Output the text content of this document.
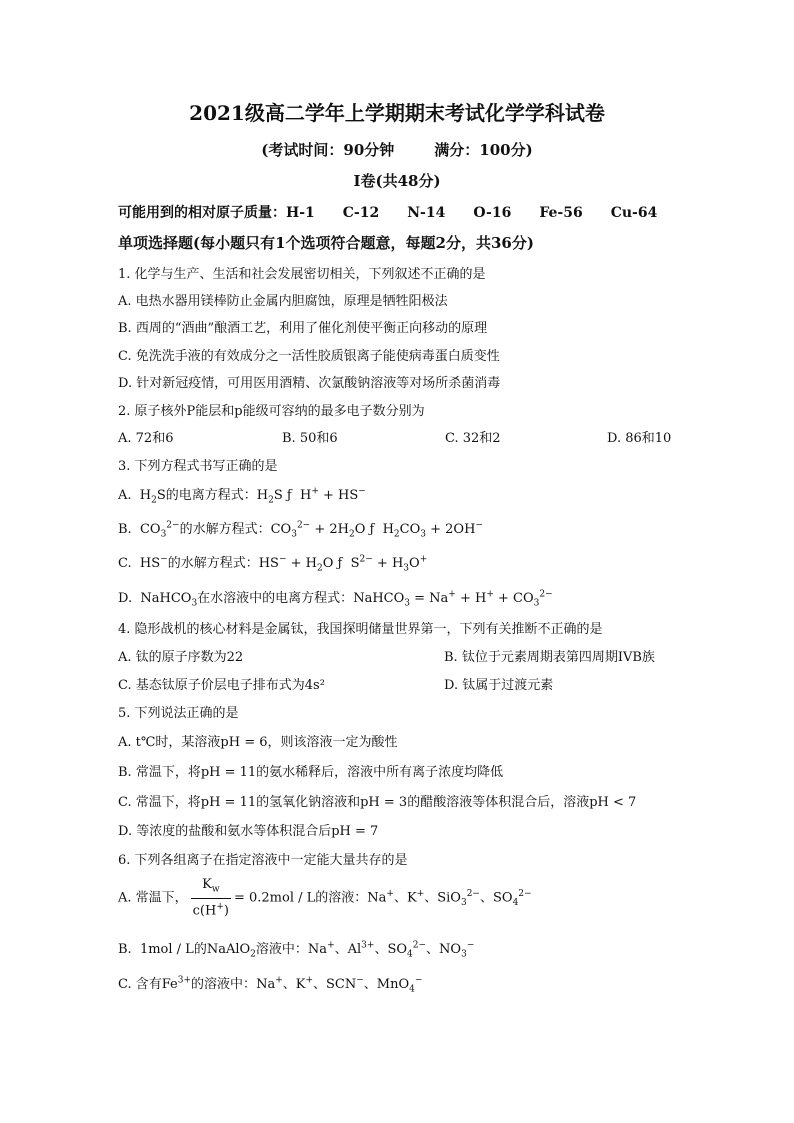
2021级高二学年上学期期末考试化学学科试卷
(考试时间：90分钟	满分：100分)
I卷(共48分)
可能用到的相对原子质量：H-1 C-12 N-14 O-16 Fe-56 Cu-64
单项选择题(每小题只有1个选项符合题意，每题2分，共36分)
1. 化学与生产、生活和社会发展密切相关，下列叙述不正确的是
A. 电热水器用镁棒防止金属内胆腐蚀，原理是牺牲阳极法
B. 西周的“酒曲”酿酒工艺，利用了催化剂使平衡正向移动的原理
C. 免洗洗手液的有效成分之一活性胶质银离子能使病毒蛋白质变性
D. 针对新冠疫情，可用医用酒精、次氯酸钠溶液等对场所杀菌消毒
2. 原子核外P能层和p能级可容纳的最多电子数分别为
A. 72和6	B. 50和6	C. 32和2	D. 86和10
3. 下列方程式书写正确的是
A.  $H_2S$的电离方程式：$H_2S$ ƒ  H+ + HS−
B.  $CO_3^{2-}$的水解方程式：$CO_3^{2-} + 2H_2O$ ƒ  $H_2CO_3 + 2OH^-$
C.  HS−的水解方程式：$HS^- + H_2O$ ƒ  $S^{2-} + H_3O^+$
D.  NaHCO$_3$在水溶液中的电离方程式：NaHCO$_3$ = $Na^+ + H^+ + CO_3^{2-}$
4. 隐形战机的核心材料是金属钛，我国探明储量世界第一，下列有关推断不正确的是
A. 钛的原子序数为22	B. 钛位于元素周期表第四周期IVB族
C. 基态钛原子价层电子排布式为4s²	D. 钛属于过渡元素
5. 下列说法正确的是
A. t℃时，某溶液pH = 6，则该溶液一定为酸性
B. 常温下，将pH = 11的氨水稀释后，溶液中所有离子浓度均降低
C. 常温下，将pH = 11的氢氧化钠溶液和pH = 3的醋酸溶液等体积混合后，溶液pH < 7
D. 等浓度的盐酸和氨水等体积混合后pH = 7
6. 下列各组离子在指定溶液中一定能大量共存的是
A. 常温下， $\frac{K_w}{c(H^+)} = 0.2mol / L$的溶液：Na+、K+、SiO$_3^{2-}$、$SO_4^{2-}$
B. 1mol / L的NaAlO$_2$溶液中：Na+、$Al^{3+}$、$SO_4^{2-}$、$NO_3^-$
C. 含有$Fe^{3+}$的溶液中：Na+、K+、SCN−、MnO$_4$−
